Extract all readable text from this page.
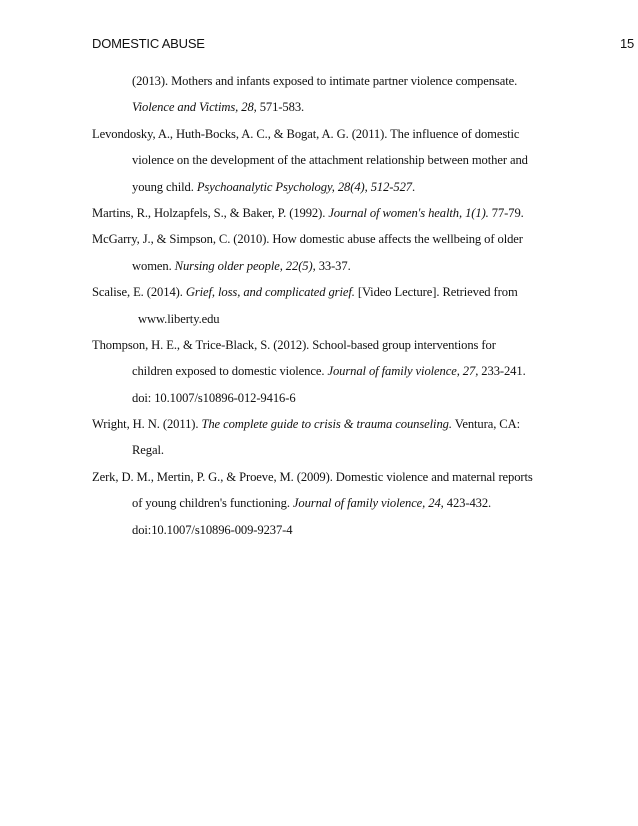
DOMESTIC ABUSE	15
(2013). Mothers and infants exposed to intimate partner violence compensate.
Violence and Victims, 28, 571-583.
Levondosky, A., Huth-Bocks, A. C., & Bogat, A. G. (2011). The influence of domestic
violence on the development of the attachment relationship between mother and
young child. Psychoanalytic Psychology, 28(4), 512-527.
Martins, R., Holzapfels, S., & Baker, P. (1992). Journal of women's health, 1(1). 77-79.
McGarry, J., & Simpson, C. (2010). How domestic abuse affects the wellbeing of older
women. Nursing older people, 22(5), 33-37.
Scalise, E. (2014). Grief, loss, and complicated grief. [Video Lecture]. Retrieved from
www.liberty.edu
Thompson, H. E., & Trice-Black, S. (2012). School-based group interventions for
children exposed to domestic violence. Journal of family violence, 27, 233-241.
doi: 10.1007/s10896-012-9416-6
Wright, H. N. (2011). The complete guide to crisis & trauma counseling. Ventura, CA:
Regal.
Zerk, D. M., Mertin, P. G., & Proeve, M. (2009). Domestic violence and maternal reports
of young children's functioning. Journal of family violence, 24, 423-432.
doi:10.1007/s10896-009-9237-4
